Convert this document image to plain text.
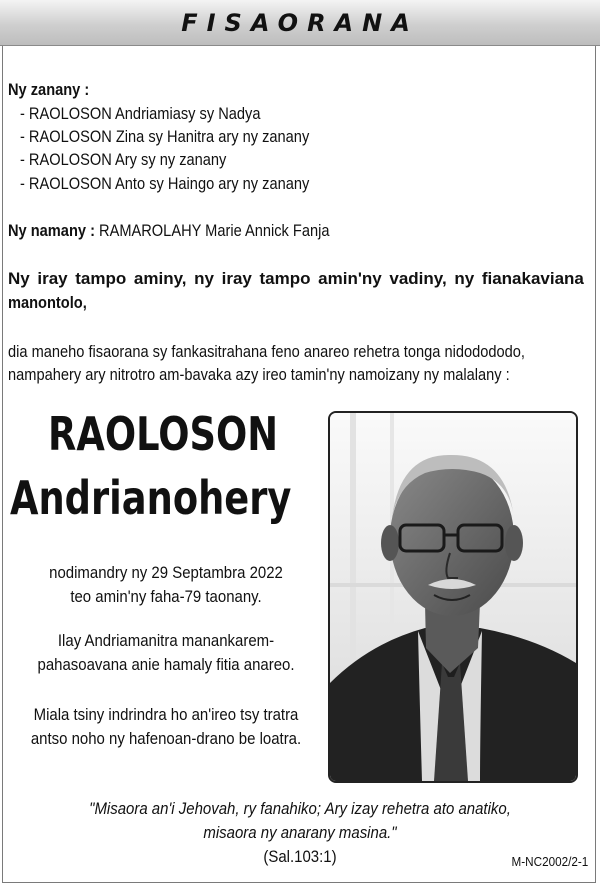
FISAORANA
Ny zanany :
- RAOLOSON Andriamiasy sy Nadya
- RAOLOSON Zina sy Hanitra ary ny zanany
- RAOLOSON Ary sy ny zanany
- RAOLOSON Anto sy Haingo ary ny zanany
Ny namany : RAMAROLAHY Marie Annick Fanja
Ny iray tampo aminy, ny iray tampo amin'ny vadiny, ny fianakaviana
manontolo,
dia maneho fisaorana sy fankasitrahana feno anareo rehetra tonga nidodododo,
nampahery ary nitrotro am-bavaka azy ireo tamin'ny namoizany ny malalany :
RAOLOSON
Andrianohery
nodimandry ny 29 Septambra 2022
teo amin'ny faha-79 taonany.
Ilay Andriamanitra manankarem-
pahasoavana anie hamaly fitia anareo.
Miala tsiny indrindra ho an'ireo tsy tratra
antso noho ny hafenoan-drano be loatra.
"Misaora an'i Jehovah, ry fanahiko; Ary izay rehetra ato anatiko,
misaora ny anarany masina."
(Sal.103:1)	M-NC2002/2-1
